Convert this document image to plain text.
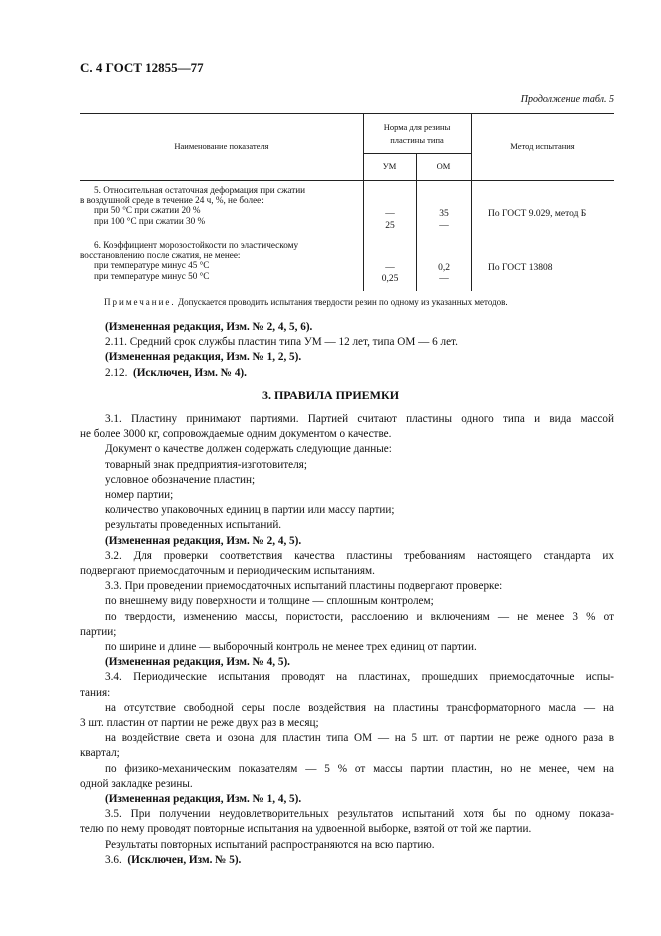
С. 4 ГОСТ 12855—77
Продолжение табл. 5
Наименование показателя
Норма для резины
пластины типа
УМ	ОМ
Метод испытания
5. Относительная остаточная деформация при сжатии
в воздушной среде в течение 24 ч, %, не более:
при 50 °С при сжатии 20 %
при 100 °С при сжатии 30 %
—
25
35
—
По ГОСТ 9.029, метод Б
6. Коэффициент морозостойкости по эластическому
восстановлению после сжатия, не менее:
при температуре минус 45 °С
при температуре минус 50 °С
—
0,25
0,2
—
По ГОСТ 13808
Примечание. Допускается проводить испытания твердости резин по одному из указанных методов.
(Измененная редакция, Изм. № 2, 4, 5, 6).
2.11. Средний срок службы пластин типа УМ — 12 лет, типа ОМ — 6 лет.
(Измененная редакция, Изм. № 1, 2, 5).
2.12. (Исключен, Изм. № 4).
3. ПРАВИЛА ПРИЕМКИ
3.1. Пластину принимают партиями. Партией считают пластины одного типа и вида массой
не более 3000 кг, сопровождаемые одним документом о качестве.
Документ о качестве должен содержать следующие данные:
товарный знак предприятия-изготовителя;
условное обозначение пластин;
номер партии;
количество упаковочных единиц в партии или массу партии;
результаты проведенных испытаний.
(Измененная редакция, Изм. № 2, 4, 5).
3.2. Для проверки соответствия качества пластины требованиям настоящего стандарта их
подвергают приемосдаточным и периодическим испытаниям.
3.3. При проведении приемосдаточных испытаний пластины подвергают проверке:
по внешнему виду поверхности и толщине — сплошным контролем;
по твердости, изменению массы, пористости, расслоению и включениям — не менее 3 % от
партии;
по ширине и длине — выборочный контроль не менее трех единиц от партии.
(Измененная редакция, Изм. № 4, 5).
3.4. Периодические испытания проводят на пластинах, прошедших приемосдаточные испы-
тания:
на отсутствие свободной серы после воздействия на пластины трансформаторного масла — на
3 шт. пластин от партии не реже двух раз в месяц;
на воздействие света и озона для пластин типа ОМ — на 5 шт. от партии не реже одного раза в
квартал;
по физико-механическим показателям — 5 % от массы партии пластин, но не менее, чем на
одной закладке резины.
(Измененная редакция, Изм. № 1, 4, 5).
3.5. При получении неудовлетворительных результатов испытаний хотя бы по одному показа-
телю по нему проводят повторные испытания на удвоенной выборке, взятой от той же партии.
Результаты повторных испытаний распространяются на всю партию.
3.6. (Исключен, Изм. № 5).
